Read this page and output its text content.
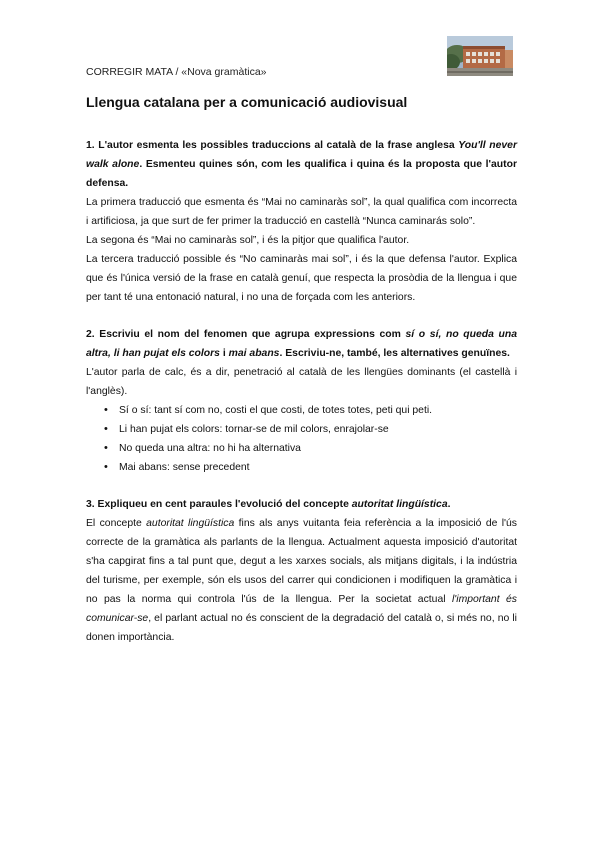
CORREGIR MATA / «Nova gramàtica»
Llengua catalana per a comunicació audiovisual

1. L'autor esmenta les possibles traduccions al català de la frase anglesa You'll never walk alone. Esmenteu quines són, com les qualifica i quina és la proposta que l'autor defensa.

La primera traducció que esmenta és “Mai no caminaràs sol”, la qual qualifica com incorrecta i artificiosa, ja que surt de fer primer la traducció en castellà “Nunca caminarás solo”.

La segona és “Mai no caminaràs sol”, i és la pitjor que qualifica l'autor.

La tercera traducció possible és “No caminaràs mai sol”, i és la que defensa l'autor. Explica que és l'única versió de la frase en català genuí, que respecta la prosòdia de la llengua i que per tant té una entonació natural, i no una de forçada com les anteriors.

2. Escriviu el nom del fenomen que agrupa expressions com sí o sí, no queda una altra, li han pujat els colors i mai abans. Escriviu-ne, també, les alternatives genuïnes.

L'autor parla de calc, és a dir, penetració al català de les llengües dominants (el castellà i l'anglès).

• Sí o sí: tant sí com no, costi el que costi, de totes totes, peti qui peti.
• Li han pujat els colors: tornar-se de mil colors, enrajolar-se
• No queda una altra: no hi ha alternativa
• Mai abans: sense precedent

3. Expliqueu en cent paraules l'evolució del concepte autoritat lingüística.

El concepte autoritat lingüística fins als anys vuitanta feia referència a la imposició de l'ús correcte de la gramàtica als parlants de la llengua. Actualment aquesta imposició d'autoritat s'ha capgirat fins a tal punt que, degut a les xarxes socials, als mitjans digitals, i la indústria del turisme, per exemple, són els usos del carrer qui condicionen i modifiquen la gramàtica i no pas la norma qui controla l'ús de la llengua. Per la societat actual l'important és comunicar-se, el parlant actual no és conscient de la degradació del català o, si més no, no li donen importància.
